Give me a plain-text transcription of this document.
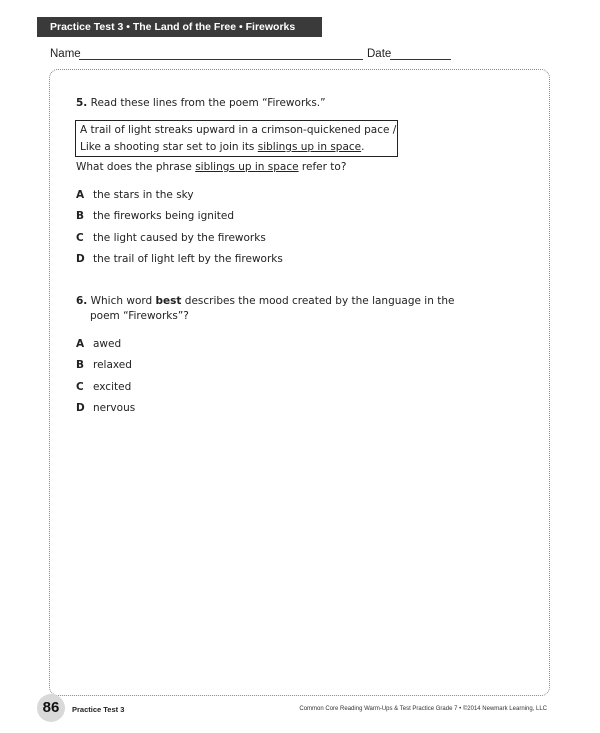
Practice Test 3 • The Land of the Free • Fireworks
Name	Date
5. Read these lines from the poem “Fireworks.”
A trail of light streaks upward in a crimson-quickened pace /
Like a shooting star set to join its siblings up in space.
What does the phrase siblings up in space refer to?
A the stars in the sky
B the fireworks being ignited
C the light caused by the fireworks
D the trail of light left by the fireworks
6. Which word best describes the mood created by the language in the
poem “Fireworks”?
A awed
B relaxed
C excited
D nervous
86	Practice Test 3	Common Core Reading Warm-Ups & Test Practice Grade 7 • ©2014 Newmark Learning, LLC
